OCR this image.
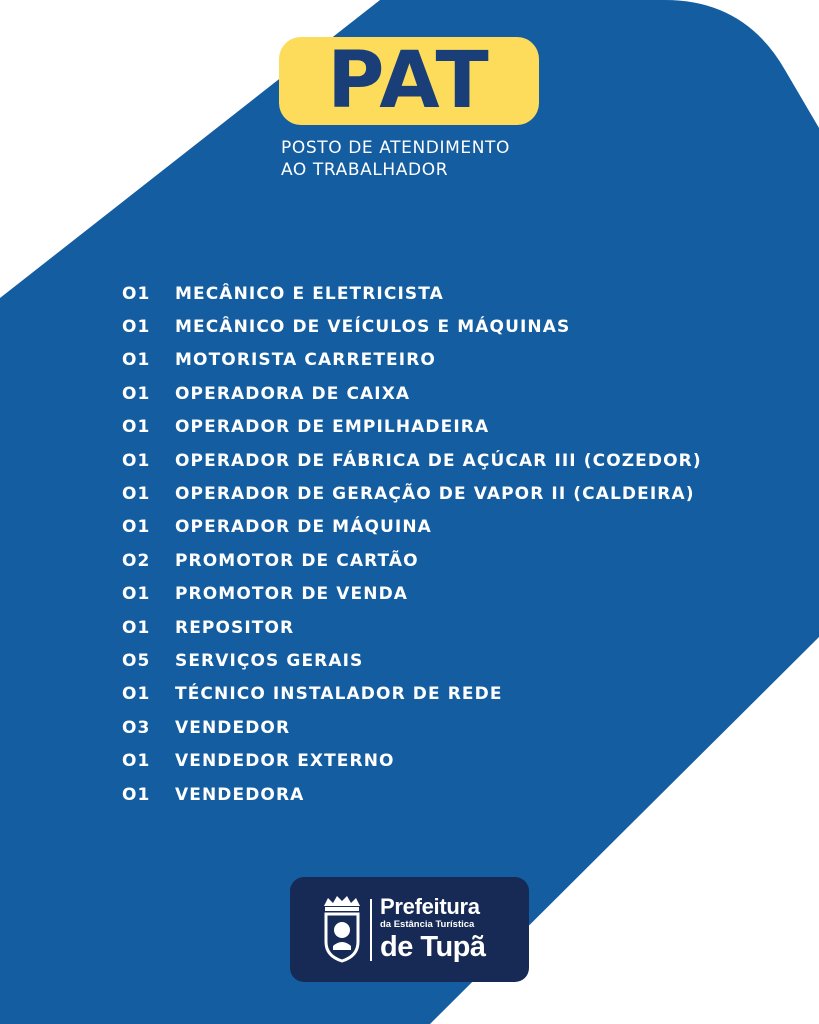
PAT
POSTO DE ATENDIMENTO
AO TRABALHADOR
O1	MECÂNICO E ELETRICISTA
O1	MECÂNICO DE VEÍCULOS E MÁQUINAS
O1	MOTORISTA CARRETEIRO
O1	OPERADORA DE CAIXA
O1	OPERADOR DE EMPILHADEIRA
O1	OPERADOR DE FÁBRICA DE AÇÚCAR III (COZEDOR)
O1	OPERADOR DE GERAÇÃO DE VAPOR II (CALDEIRA)
O1	OPERADOR DE MÁQUINA
O2	PROMOTOR DE CARTÃO
O1	PROMOTOR DE VENDA
O1	REPOSITOR
O5	SERVIÇOS GERAIS
O1	TÉCNICO INSTALADOR DE REDE
O3	VENDEDOR
O1	VENDEDOR EXTERNO
O1	VENDEDORA
Prefeitura
da Estância Turística
de Tupã
